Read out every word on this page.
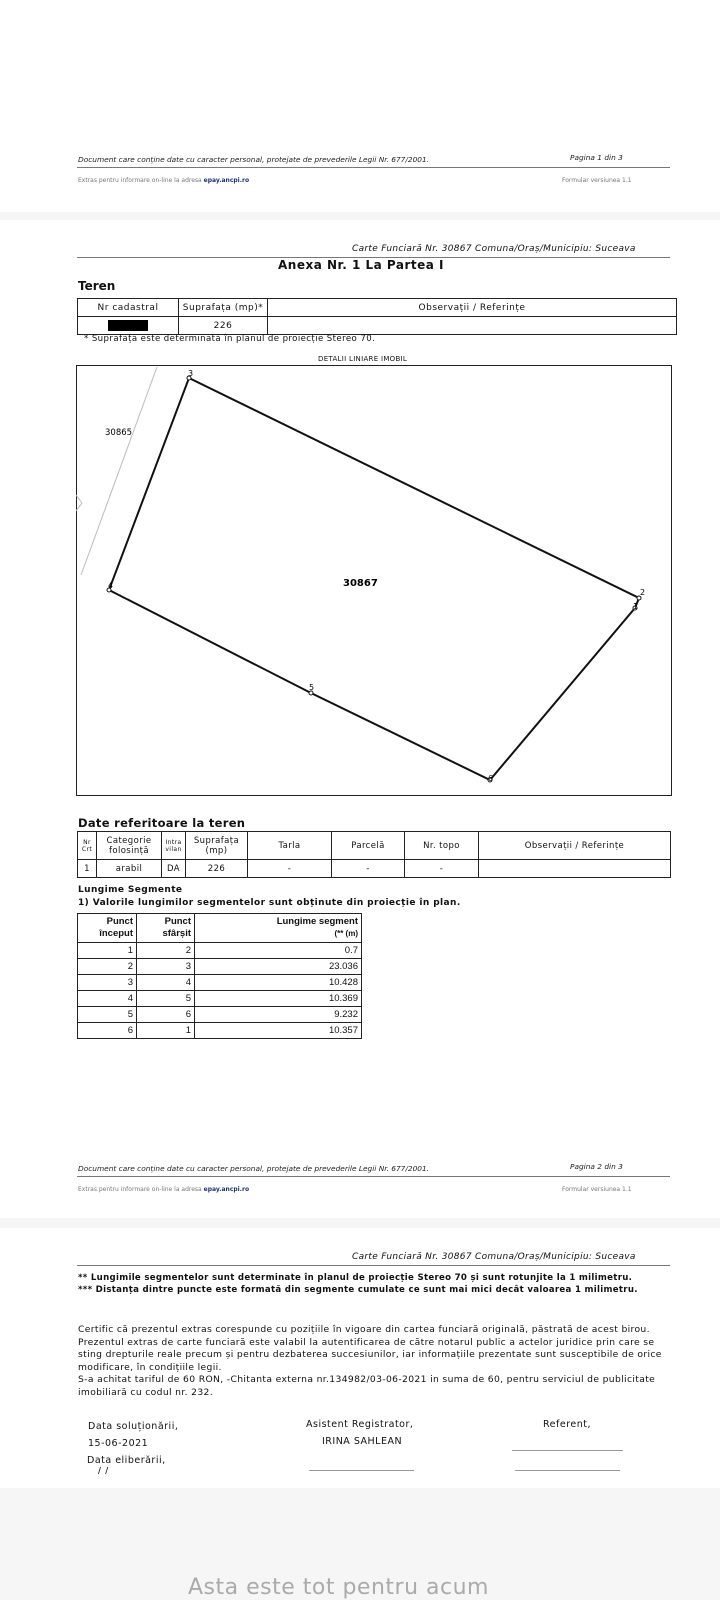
Document care conține date cu caracter personal, protejate de prevederile Legii Nr. 677/2001.	Pagina 1 din 3
Extras pentru informare on-line la adresa epay.ancpi.ro	Formular versiunea 1.1
Carte Funciară Nr. 30867 Comuna/Oraș/Municipiu: Suceava
Anexa Nr. 1 La Partea I
Teren
Nr cadastral	Suprafața (mp)*	Observații / Referințe
	226	
* Suprafața este determinată în planul de proiecție Stereo 70.
DETALII LINIARE IMOBIL
1
2
3
4
5
6
30865
30867
Date referitoare la teren
Nr Crt	Categorie folosință	Intra vilan	Suprafața (mp)	Tarla	Parcelă	Nr. topo	Observații / Referințe
1	arabil	DA	226	-	-	-	
Lungime Segmente
1) Valorile lungimilor segmentelor sunt obținute din proiecție în plan.
Punct început	Punct sfârșit	Lungime segment
(** (m)

1	2	0.7
2	3	23.036
3	4	10.428
4	5	10.369
5	6	9.232
6	1	10.357
Document care conține date cu caracter personal, protejate de prevederile Legii Nr. 677/2001.	Pagina 2 din 3
Extras pentru informare on-line la adresa epay.ancpi.ro	Formular versiunea 1.1
Carte Funciară Nr. 30867 Comuna/Oraș/Municipiu: Suceava
** Lungimile segmentelor sunt determinate în planul de proiecție Stereo 70 și sunt rotunjite la 1 milimetru.
*** Distanța dintre puncte este formată din segmente cumulate ce sunt mai mici decât valoarea 1 milimetru.
Certific că prezentul extras corespunde cu pozițiile în vigoare din cartea funciară originală, păstrată de acest birou.
Prezentul extras de carte funciară este valabil la autentificarea de către notarul public a actelor juridice prin care se sting drepturile reale precum și pentru dezbaterea succesiunilor, iar informațiile prezentate sunt susceptibile de orice modificare, în condițiile legii.
S-a achitat tariful de 60 RON, -Chitanta externa nr.134982/03-06-2021 in suma de 60, pentru serviciul de publicitate imobiliară cu codul nr. 232.
Data soluționării,
15-06-2021
Data eliberării,
/ /
Asistent Registrator,
IRINA SAHLEAN
Referent,
Asta este tot pentru acum
